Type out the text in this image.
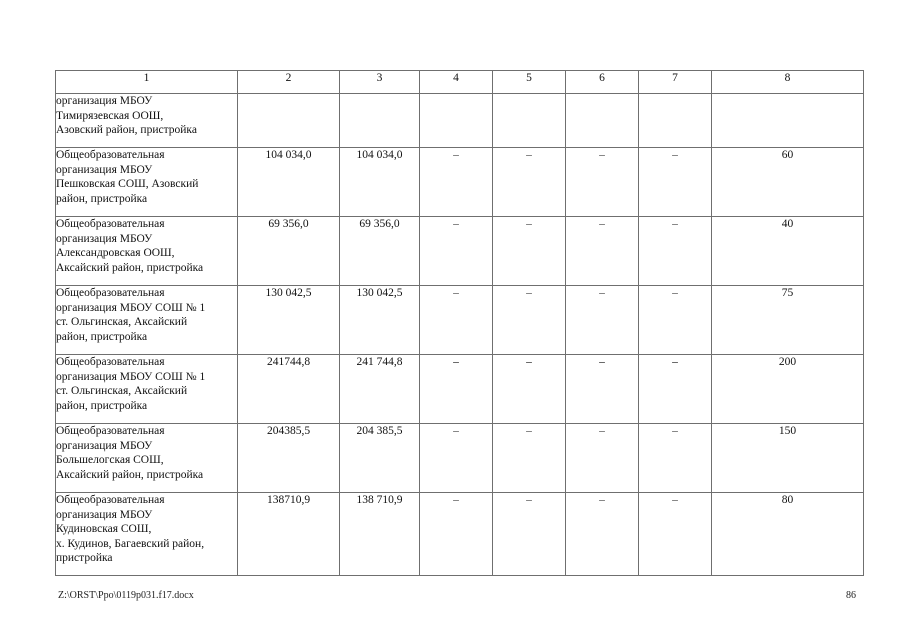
1	2	3	4	5	6	7	8

организация МБОУ
Тимирязевская ООШ,
Азовский район, пристройка							

Общеобразовательная
организация МБОУ
Пешковская СОШ, Азовский
район, пристройка	104 034,0	104 034,0	–	–	–	–	60

Общеобразовательная
организация МБОУ
Александровская ООШ,
Аксайский район, пристройка	69 356,0	69 356,0	–	–	–	–	40

Общеобразовательная
организация МБОУ СОШ № 1
ст. Ольгинская, Аксайский
район, пристройка	130 042,5	130 042,5	–	–	–	–	75

Общеобразовательная
организация МБОУ СОШ № 1
ст. Ольгинская, Аксайский
район, пристройка	241744,8	241 744,8	–	–	–	–	200

Общеобразовательная
организация МБОУ
Большелогская СОШ,
Аксайский район, пристройка	204385,5	204 385,5	–	–	–	–	150

Общеобразовательная
организация МБОУ
Кудиновская СОШ,
х. Кудинов, Багаевский район,
пристройка	138710,9	138 710,9	–	–	–	–	80
Z:\ORST\Ppo\0119p031.f17.docx	86
